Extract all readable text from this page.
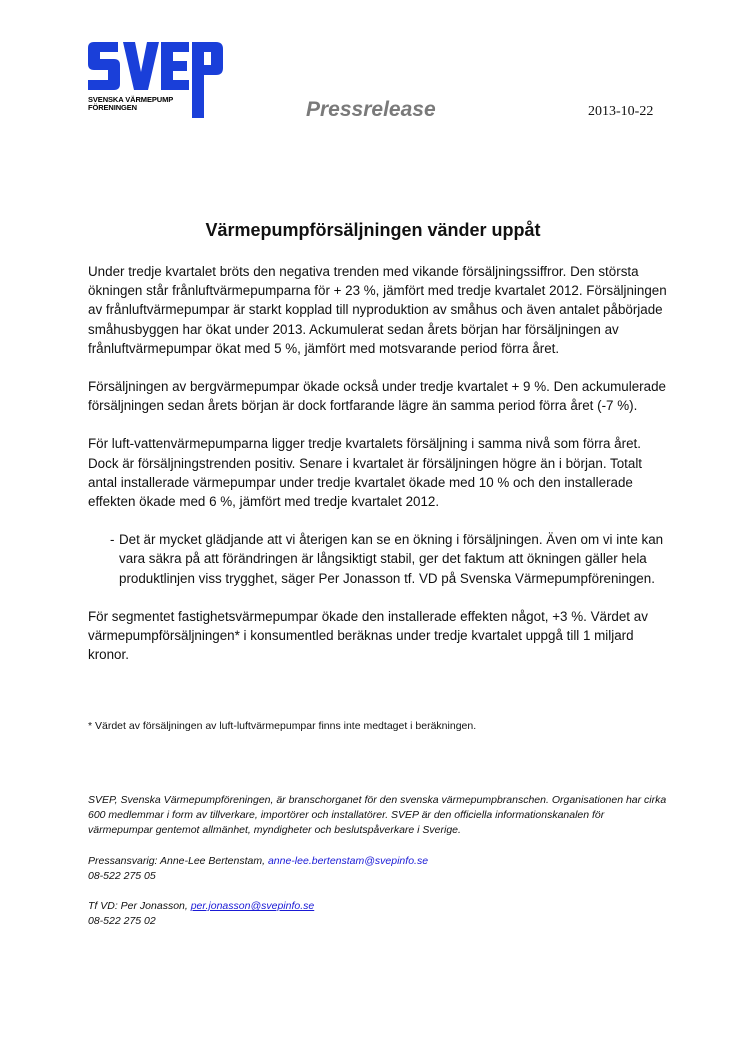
SVENSKA VÄRMEPUMP
FÖRENINGEN	Pressrelease	2013-10-22
Värmepumpförsäljningen vänder uppåt

Under tredje kvartalet bröts den negativa trenden med vikande försäljningssiffror. Den största ökningen står frånluftvärmepumparna för + 23 %, jämfört med tredje kvartalet 2012. Försäljningen av frånluftvärmepumpar är starkt kopplad till nyproduktion av småhus och även antalet påbörjade småhusbyggen har ökat under 2013. Ackumulerat sedan årets början har försäljningen av frånluftvärmepumpar ökat med 5 %, jämfört med motsvarande period förra året.

Försäljningen av bergvärmepumpar ökade också under tredje kvartalet + 9 %. Den ackumulerade försäljningen sedan årets början är dock fortfarande lägre än samma period förra året (-7 %).

För luft-vattenvärmepumparna ligger tredje kvartalets försäljning i samma nivå som förra året. Dock är försäljningstrenden positiv. Senare i kvartalet är försäljningen högre än i början. Totalt antal installerade värmepumpar under tredje kvartalet ökade med 10 % och den installerade effekten ökade med 6 %, jämfört med tredje kvartalet 2012.

- Det är mycket glädjande att vi återigen kan se en ökning i försäljningen. Även om vi inte kan vara säkra på att förändringen är långsiktigt stabil, ger det faktum att ökningen gäller hela produktlinjen viss trygghet, säger Per Jonasson tf. VD på Svenska Värmepumpföreningen.

För segmentet fastighetsvärmepumpar ökade den installerade effekten något, +3 %. Värdet av värmepumpförsäljningen* i konsumentled beräknas under tredje kvartalet uppgå till 1 miljard kronor.

* Värdet av försäljningen av luft-luftvärmepumpar finns inte medtaget i beräkningen.

SVEP, Svenska Värmepumpföreningen, är branschorganet för den svenska värmepumpbranschen. Organisationen har cirka 600 medlemmar i form av tillverkare, importörer och installatörer. SVEP är den officiella informationskanalen för värmepumpar gentemot allmänhet, myndigheter och beslutspåverkare i Sverige.

Pressansvarig: Anne-Lee Bertenstam, anne-lee.bertenstam@svepinfo.se
08-522 275 05

Tf VD: Per Jonasson, per.jonasson@svepinfo.se
08-522 275 02
